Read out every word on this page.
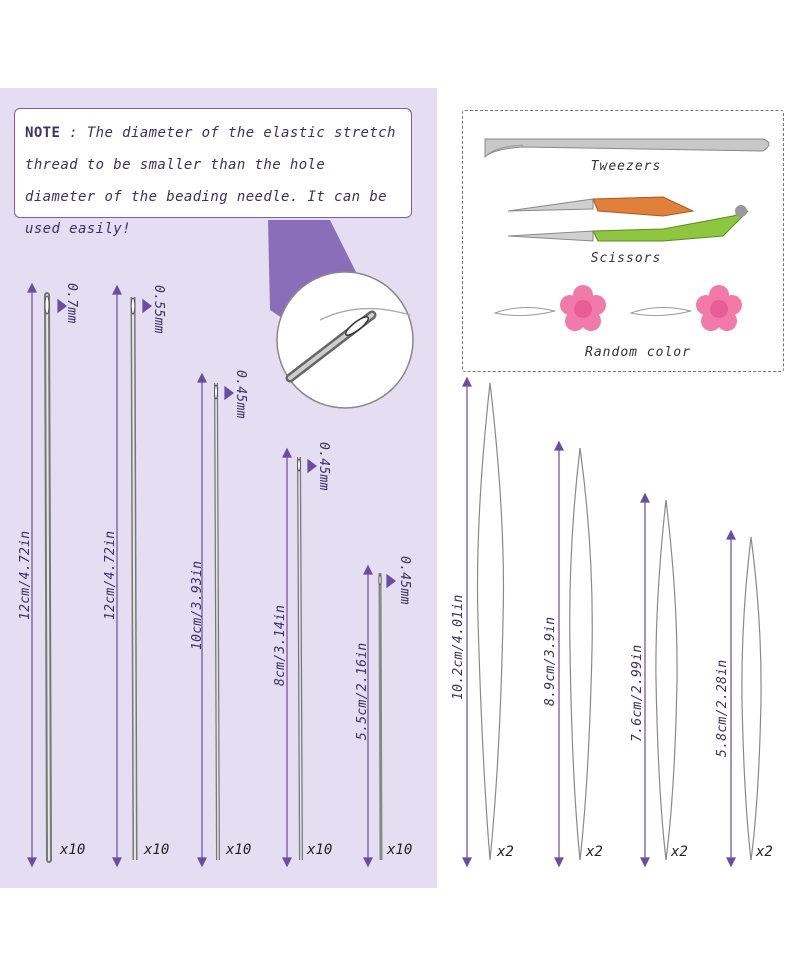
NOTE : The diameter of the elastic stretch thread to be smaller than the hole diameter of the beading needle. It can be used easily!
Tweezers
Scissors
Random color
12cm/4.72in	12cm/4.72in	10cm/3.93in	8cm/3.14in	5.5cm/2.16in
0.7mm	0.55mm
0.45mm
0.45mm
0.45mm
x10	x10	x10	x10	x10
10.2cm/4.01in	8.9cm/3.9in	7.6cm/2.99in	5.8cm/2.28in
x2	x2	x2	x2
